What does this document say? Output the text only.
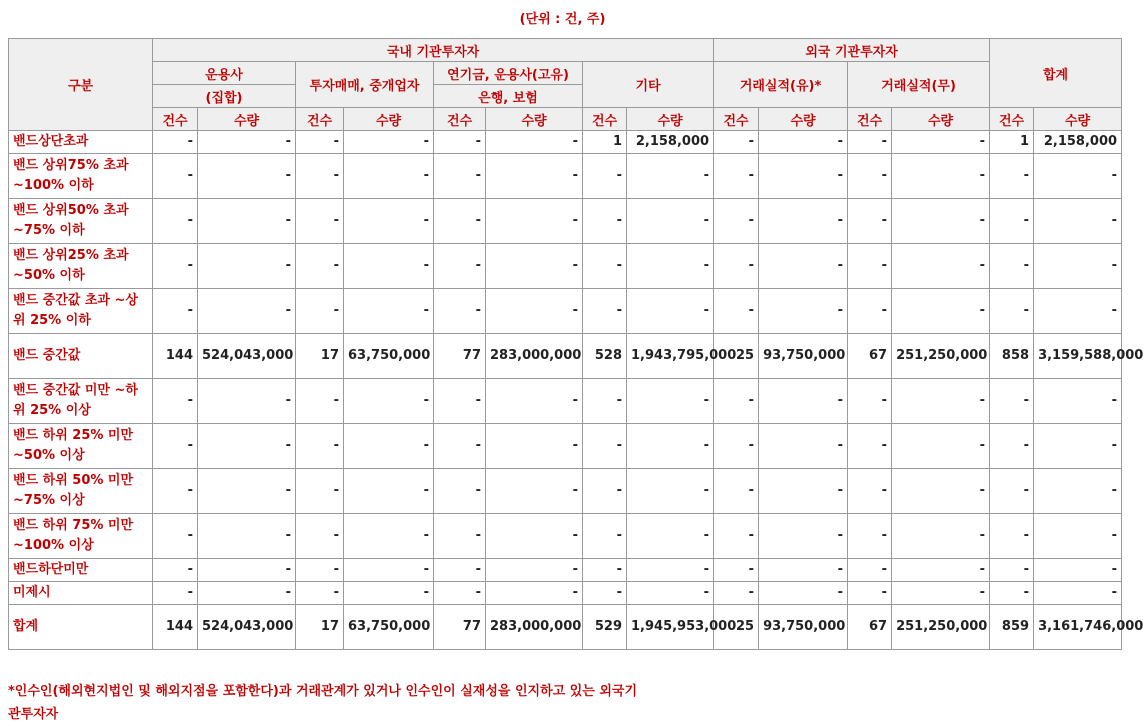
(단위 : 건, 주)
구분	국내 기관투자자								외국 기관투자자				합계	
	운용사		투자매매, 중개업자		연기금, 운용사(고유)		기타		거래실적(유)*		거래실적(무)			
	(집합)				은행, 보험									
	건수	수량	건수	수량	건수	수량	건수	수량	건수	수량	건수	수량	건수	수량
밴드상단초과	-	-	-	-	-	-	1	2,158,000	-	-	-	-	1	2,158,000
밴드 상위75% 초과 ~100% 이하	-	-	-	-	-	-	-	-	-	-	-	-	-	-
밴드 상위50% 초과 ~75% 이하	-	-	-	-	-	-	-	-	-	-	-	-	-	-
밴드 상위25% 초과 ~50% 이하	-	-	-	-	-	-	-	-	-	-	-	-	-	-
밴드 중간값 초과 ~상위 25% 이하	-	-	-	-	-	-	-	-	-	-	-	-	-	-
밴드 중간값	144	524,043,000	17	63,750,000	77	283,000,000	528	1,943,795,000	25	93,750,000	67	251,250,000	858	3,159,588,000
밴드 중간값 미만 ~하위 25% 이상	-	-	-	-	-	-	-	-	-	-	-	-	-	-
밴드 하위 25% 미만 ~50% 이상	-	-	-	-	-	-	-	-	-	-	-	-	-	-
밴드 하위 50% 미만 ~75% 이상	-	-	-	-	-	-	-	-	-	-	-	-	-	-
밴드 하위 75% 미만 ~100% 이상	-	-	-	-	-	-	-	-	-	-	-	-	-	-
밴드하단미만	-	-	-	-	-	-	-	-	-	-	-	-	-	-
미제시	-	-	-	-	-	-	-	-	-	-	-	-	-	-
합계	144	524,043,000	17	63,750,000	77	283,000,000	529	1,945,953,000	25	93,750,000	67	251,250,000	859	3,161,746,000
*인수인(해외현지법인 및 해외지점을 포함한다)과 거래관계가 있거나 인수인이 실재성을 인지하고 있는 외국기관투자자
